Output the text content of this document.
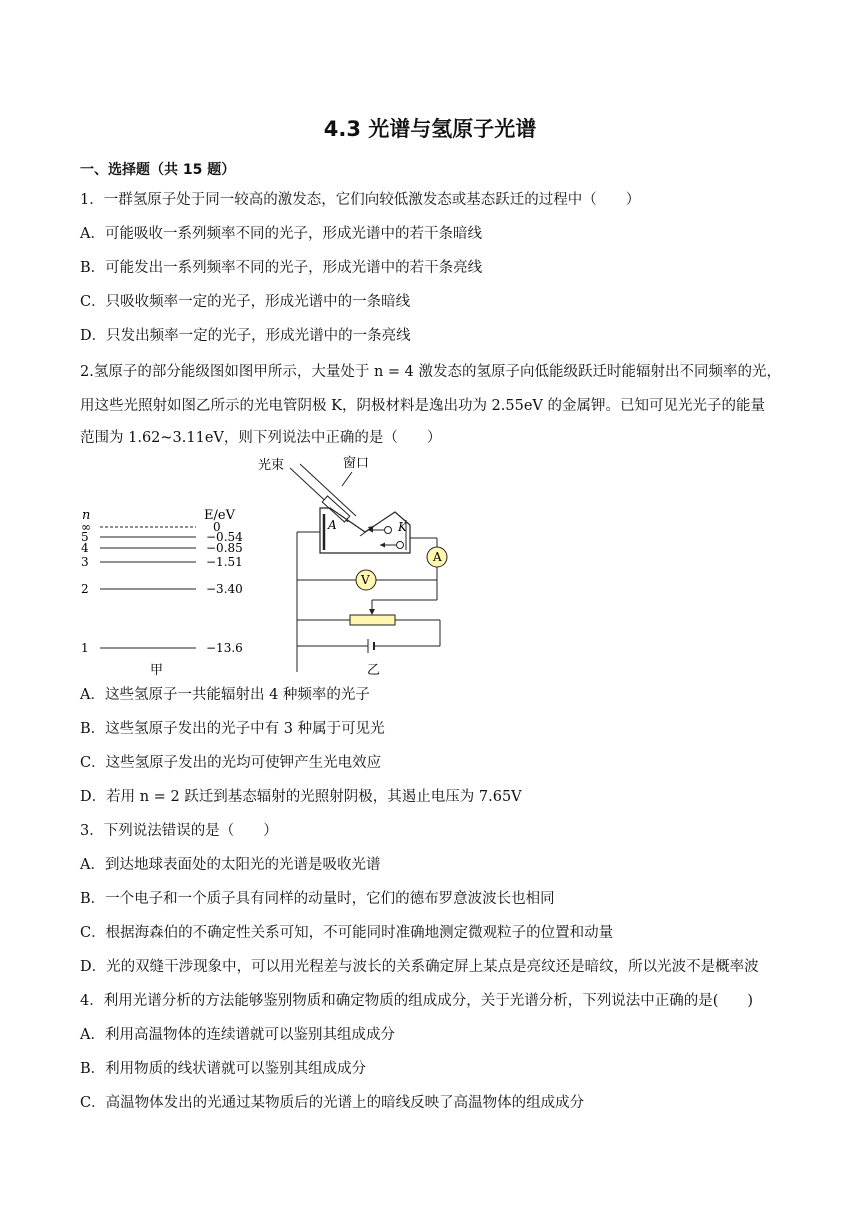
4.3 光谱与氢原子光谱
一、选择题（共 15 题）
1．一群氢原子处于同一较高的激发态，它们向较低激发态或基态跃迁的过程中（　　）
A．可能吸收一系列频率不同的光子，形成光谱中的若干条暗线
B．可能发出一系列频率不同的光子，形成光谱中的若干条亮线
C．只吸收频率一定的光子，形成光谱中的一条暗线
D．只发出频率一定的光子，形成光谱中的一条亮线
2.氢原子的部分能级图如图甲所示，大量处于 n = 4 激发态的氢原子向低能级跃迁时能辐射出不同频率的光，
用这些光照射如图乙所示的光电管阴极 K，阴极材料是逸出功为 2.55eV 的金属钾。已知可见光光子的能量
范围为 1.62~3.11eV，则下列说法中正确的是（　　）
n	E/eV
∞
5
4
3
2
1
0
−0.54
−0.85
−1.51
−3.40
−13.6
甲
光束	窗口
A	K
A
V
乙
A．这些氢原子一共能辐射出 4 种频率的光子
B．这些氢原子发出的光子中有 3 种属于可见光
C．这些氢原子发出的光均可使钾产生光电效应
D．若用 n = 2 跃迁到基态辐射的光照射阴极，其遏止电压为 7.65V
3．下列说法错误的是（　　）
A．到达地球表面处的太阳光的光谱是吸收光谱
B．一个电子和一个质子具有同样的动量时，它们的德布罗意波波长也相同
C．根据海森伯的不确定性关系可知，不可能同时准确地测定微观粒子的位置和动量
D．光的双缝干涉现象中，可以用光程差与波长的关系确定屏上某点是亮纹还是暗纹，所以光波不是概率波
4．利用光谱分析的方法能够鉴别物质和确定物质的组成成分，关于光谱分析，下列说法中正确的是(　　)
A．利用高温物体的连续谱就可以鉴别其组成成分
B．利用物质的线状谱就可以鉴别其组成成分
C．高温物体发出的光通过某物质后的光谱上的暗线反映了高温物体的组成成分
